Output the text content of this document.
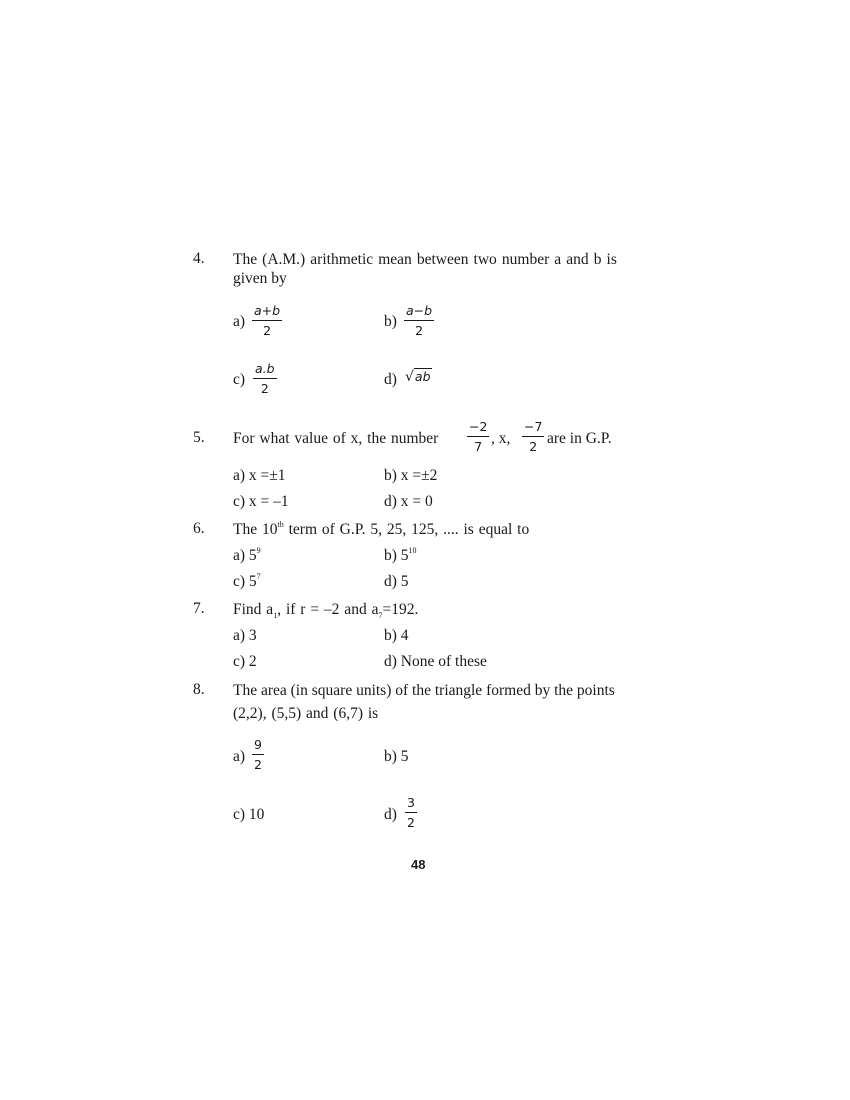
4. The (A.M.) arithmetic mean between two number a and b is
given by
$a) \frac{a+b}{2}$	$b) \frac{a-b}{2}$
$c) \frac{a.b}{2}$	d) √ab
5. For what value of x, the number $\frac{-2}{7}$ , x, $\frac{-7}{2}$ are in G.P.
a) x =±1	b) x =±2
c) x = –1	d) x = 0
6. The 10th term of G.P. 5, 25, 125, .... is equal to
a) $5^9$	b) $5^{10}$
c) $5^7$	d) 5
7. Find $a_1$, if r = –2 and $a_7=192$.
a) 3	b) 4
c) 2	d) None of these
8. The area (in square units) of the triangle formed by the points
(2,2), (5,5) and (6,7) is
$a) \frac{9}{2}$	b) 5
c) 10	$d) \frac{3}{2}$
48
